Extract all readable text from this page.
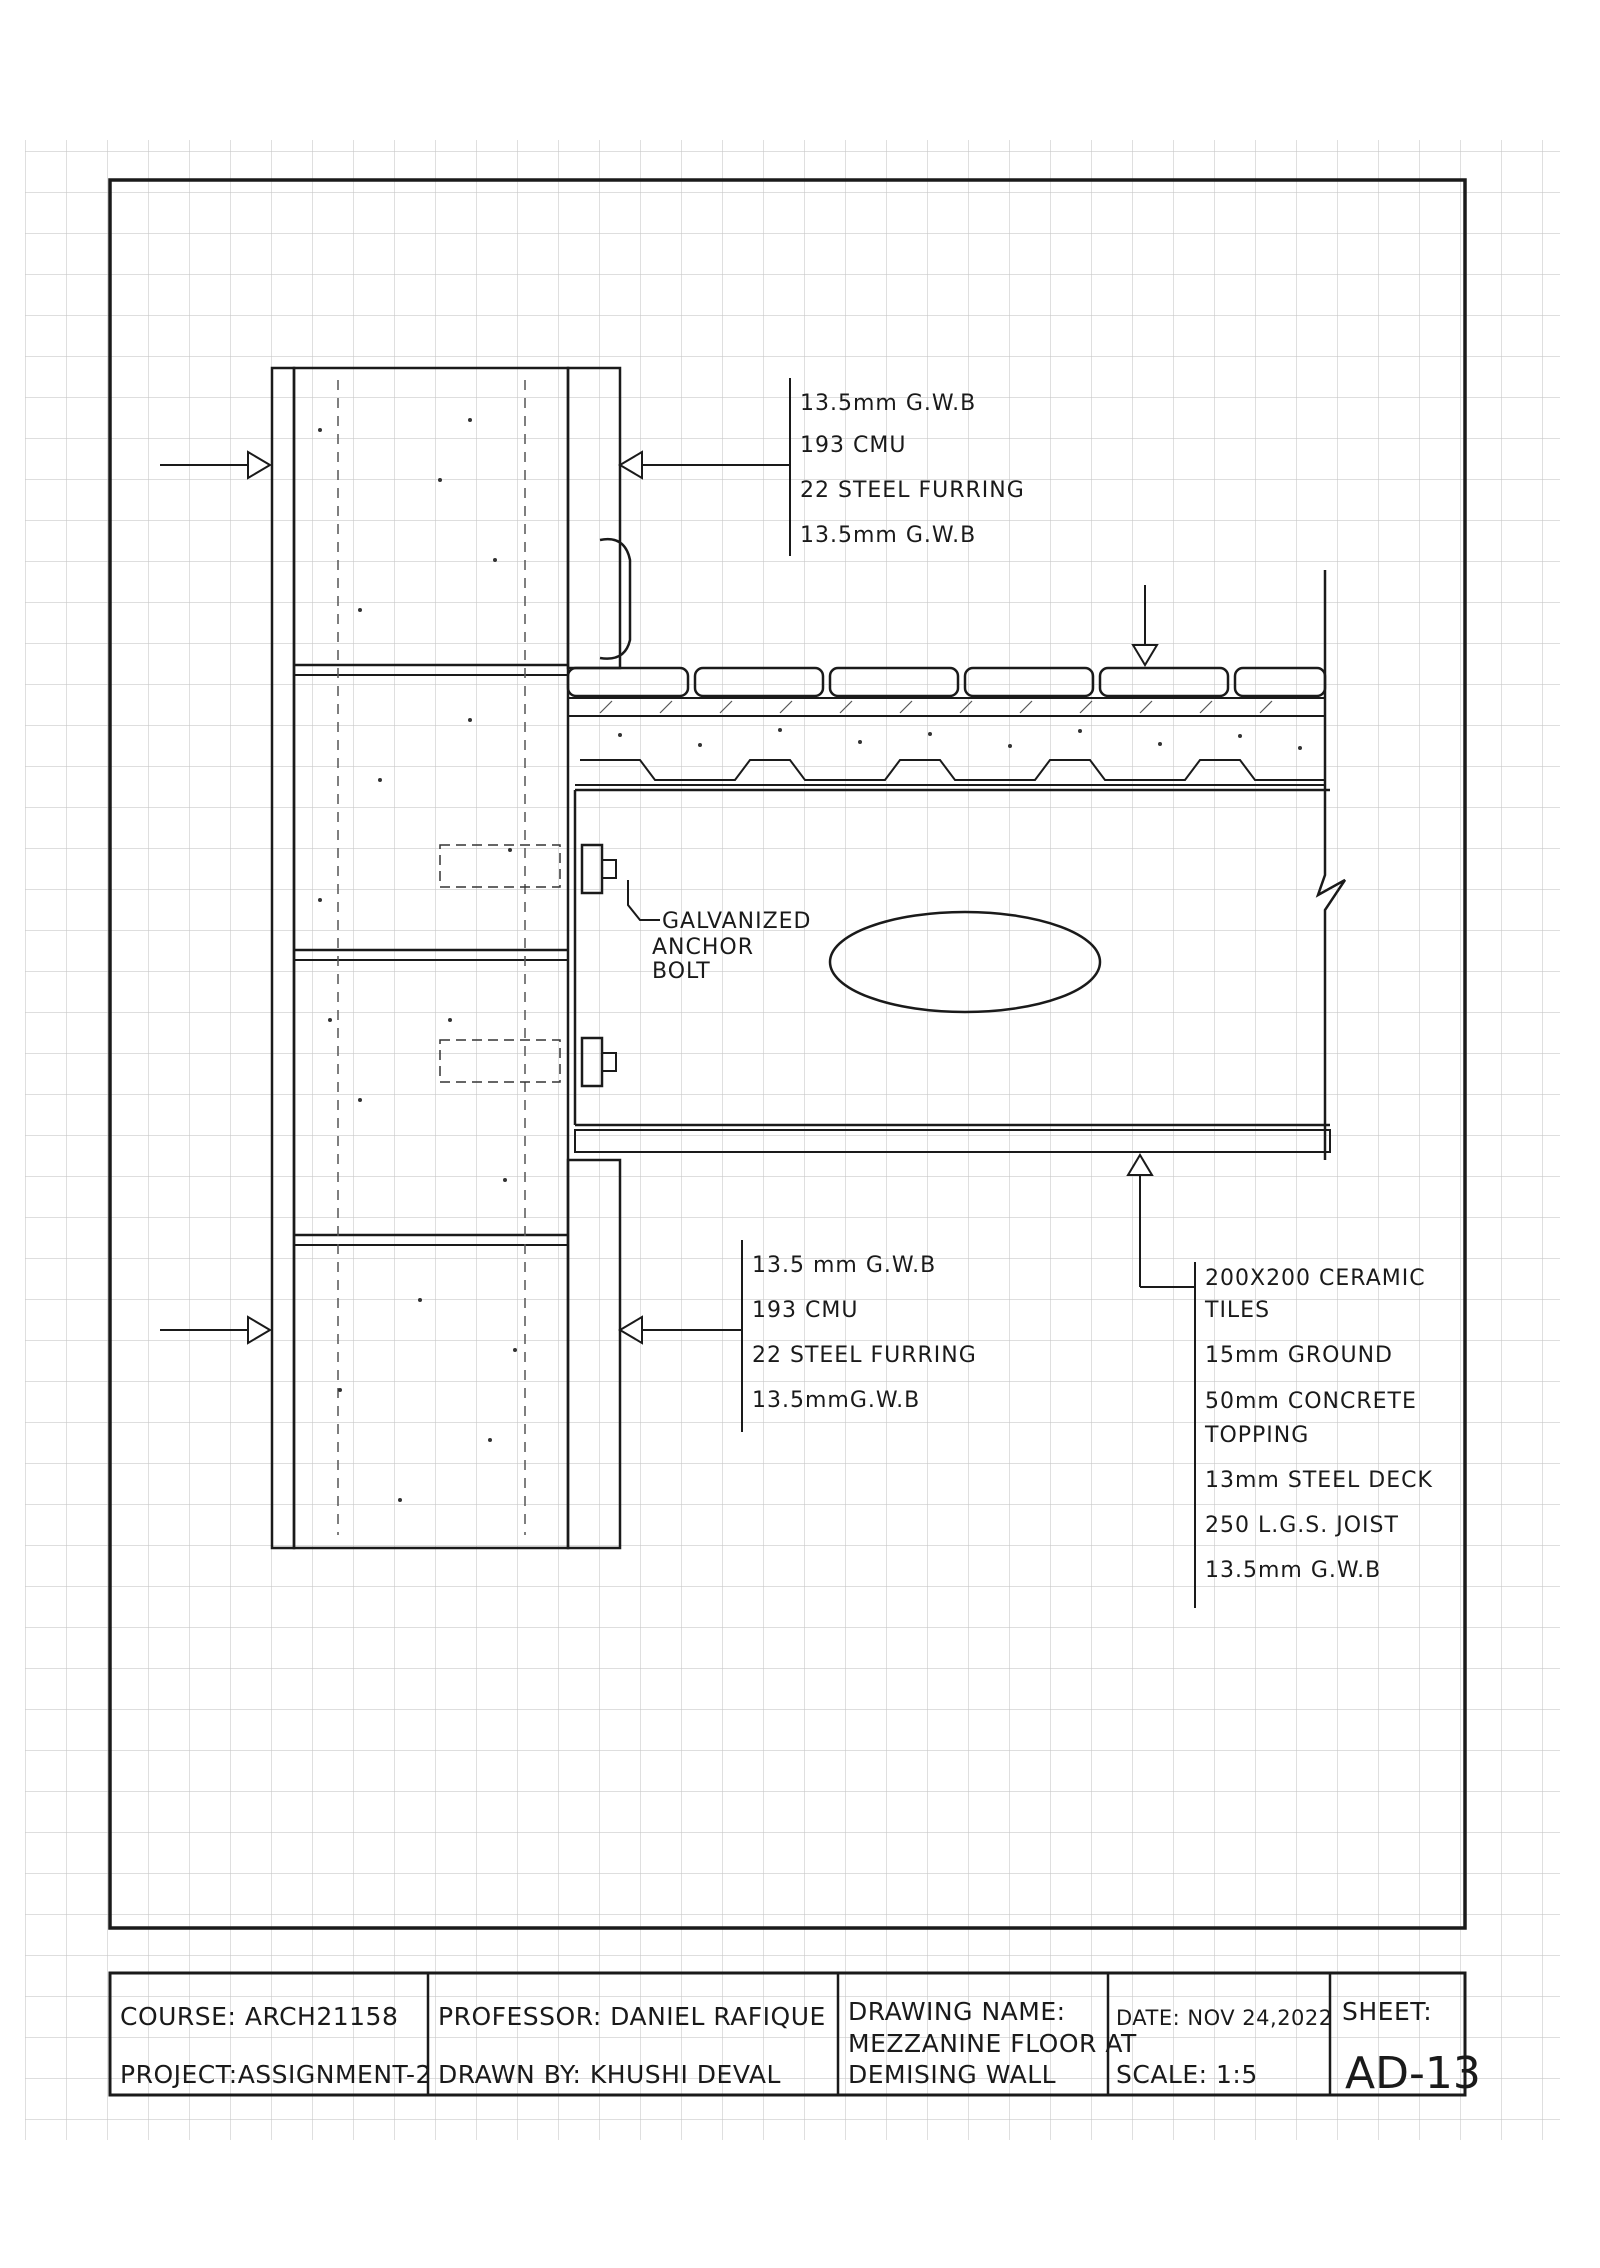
13.5mm G.W.B
193 CMU
22 STEEL FURRING
13.5mm G.W.B
GALVANIZED
ANCHOR
BOLT
13.5 mm G.W.B
193 CMU
22 STEEL FURRING
13.5mmG.W.B
200X200 CERAMIC
TILES
15mm GROUND
50mm CONCRETE
TOPPING
13mm STEEL DECK
250 L.G.S. JOIST
13.5mm G.W.B
COURSE: ARCH21158
PROJECT:ASSIGNMENT-2
PROFESSOR: DANIEL RAFIQUE
DRAWN BY: KHUSHI DEVAL
DRAWING NAME:
MEZZANINE FLOOR AT
DEMISING WALL
DATE: NOV 24,2022
SCALE: 1:5
SHEET:
AD-13
